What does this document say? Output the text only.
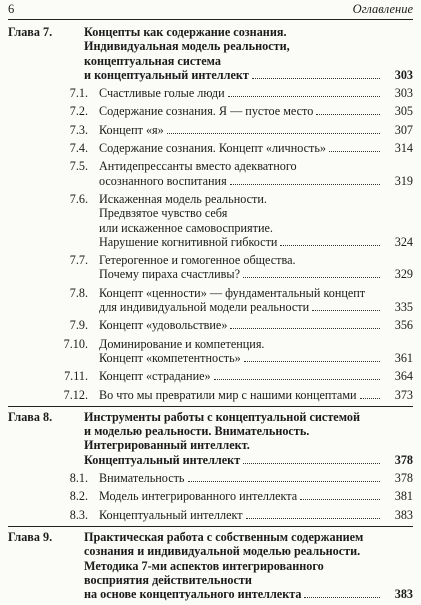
6	Оглавление
Глава 7.	Концепты как содержание сознания.
Индивидуальная модель реальности,
концептуальная система
и концептуальный интеллект	303
7.1. Счастливые голые люди	303
7.2. Содержание сознания. Я — пустое место	305
7.3. Концепт «я»	307
7.4. Содержание сознания. Концепт «личность»	314
7.5. Антидепрессанты вместо адекватного
осознанного воспитания	319
7.6. Искаженная модель реальности.
Предвзятое чувство себя
или искаженное самовосприятие.
Нарушение когнитивной гибкости	324
7.7. Гетерогенное и гомогенное общества.
Почему пираха счастливы?	329
7.8. Концепт «ценности» — фундаментальный концепт
для индивидуальной модели реальности	335
7.9. Концепт «удовольствие»	356
7.10. Доминирование и компетенция.
Концепт «компетентность»	361
7.11. Концепт «страдание»	364
7.12. Во что мы превратили мир с нашими концептами	373
Глава 8.	Инструменты работы с концептуальной системой
и моделью реальности. Внимательность.
Интегрированный интеллект.
Концептуальный интеллект	378
8.1. Внимательность	378
8.2. Модель интегрированного интеллекта	381
8.3. Концептуальный интеллект	383
Глава 9.	Практическая работа с собственным содержанием
сознания и индивидуальной моделью реальности.
Методика 7-ми аспектов интегрированного
восприятия действительности
на основе концептуального интеллекта	383
